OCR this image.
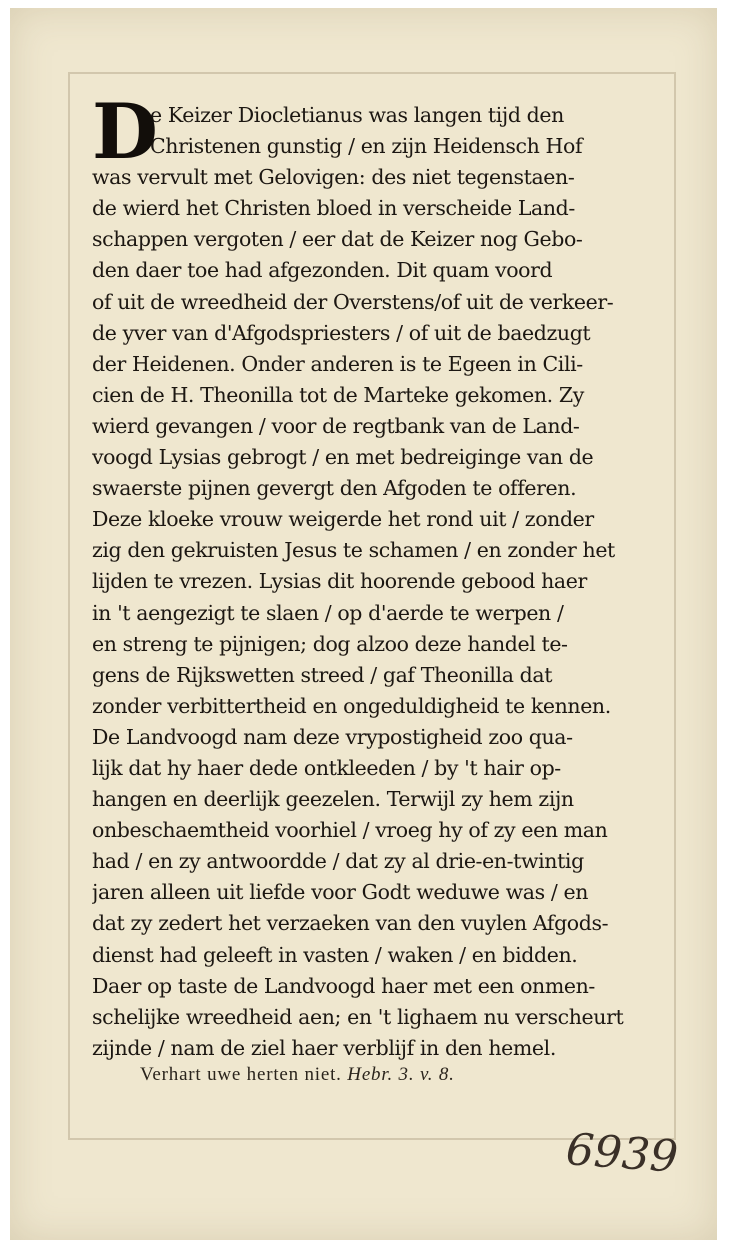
D
e Keizer Diocletianus was langen tijd den
Christenen gunstig / en zijn Heidensch Hof
was vervult met Gelovigen: des niet tegenstaen-
de wierd het Christen bloed in verscheide Land-
schappen vergoten / eer dat de Keizer nog Gebo-
den daer toe had afgezonden. Dit quam voord
of uit de wreedheid der Overstens/of uit de verkeer-
de yver van d'Afgodspriesters / of uit de baedzugt
der Heidenen. Onder anderen is te Egeen in Cili-
cien de H. Theonilla tot de Marteke gekomen. Zy
wierd gevangen / voor de regtbank van de Land-
voogd Lysias gebrogt / en met bedreiginge van de
swaerste pijnen gevergt den Afgoden te offeren.
Deze kloeke vrouw weigerde het rond uit / zonder
zig den gekruisten Jesus te schamen / en zonder het
lijden te vrezen. Lysias dit hoorende gebood haer
in 't aengezigt te slaen / op d'aerde te werpen /
en streng te pijnigen; dog alzoo deze handel te-
gens de Rijkswetten streed / gaf Theonilla dat
zonder verbittertheid en ongeduldigheid te kennen.
De Landvoogd nam deze vrypostigheid zoo qua-
lijk dat hy haer dede ontkleeden / by 't hair op-
hangen en deerlijk geezelen. Terwijl zy hem zijn
onbeschaemtheid voorhiel / vroeg hy of zy een man
had / en zy antwoordde / dat zy al drie-en-twintig
jaren alleen uit liefde voor Godt weduwe was / en
dat zy zedert het verzaeken van den vuylen Afgods-
dienst had geleeft in vasten / waken / en bidden.
Daer op taste de Landvoogd haer met een onmen-
schelijke wreedheid aen; en 't lighaem nu verscheurt
zijnde / nam de ziel haer verblijf in den hemel.
Verhart uwe herten niet. Hebr. 3. v. 8.
6939
